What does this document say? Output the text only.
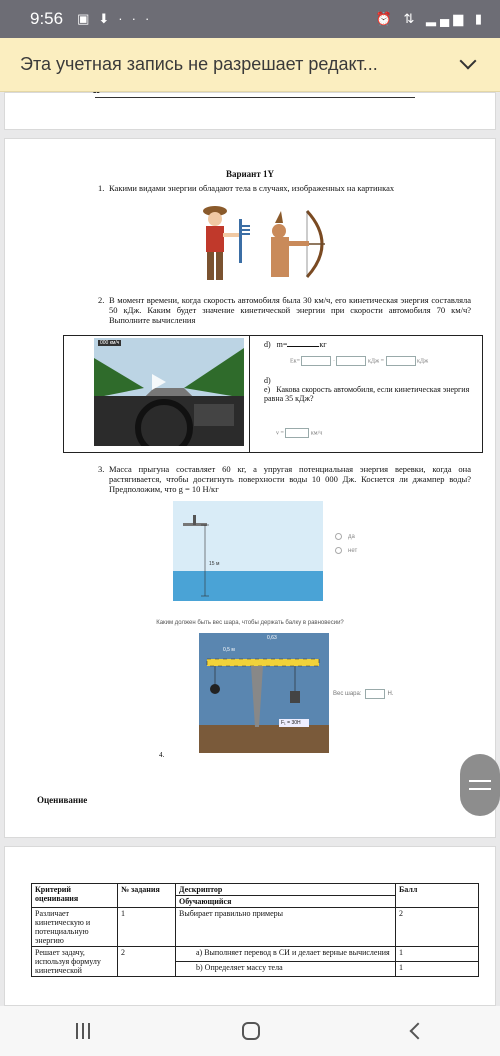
9:56 ▣⬇···	⏰ ⇅ ▂▄▆ ▮
Эта учетная запись не разрешает редакт...
--
Вариант 1Y
1. Какими видами энергии обладают тела в случаях, изображенных на картинках
2. В момент времени, когда скорость автомобиля была 30 км/ч, его кинетическая энергия составляла 50 кДж. Каким будет значение кинетической энергии при скорости автомобиля 70 км/ч? Выполните вычисления
000 км/ч	d) m=	кг
Eк=	·	кДж =	кДж
d)
e) Какова скорость автомобиля, если кинетическая энергия равна 35 кДж?
v =	км/ч
3. Масса прыгуна составляет 60 кг, а упругая потенциальная энергия веревки, когда она растягивается, чтобы достигнуть поверхности воды 10 000 Дж. Коснется ли джампер воды? Предположим, что g = 10 Н/кг
15 м
да
нет
Каким должен быть вес шара, чтобы держать балку в равновесии?
0,5 м
0,63
F₁ = 30Н
Вес шара:	Н.
4.
Оценивание
Критерий оценивания	№ задания	Дескриптор	Балл
		Обучающийся	
Различает кинетическую и потенциальную энергию	1	Выбирает правильно примеры	2
Решает задачу, используя формулу кинетической	2	a) Выполняет перевод в СИ и делает верные вычисления	1
		b) Определяет массу тела	1
